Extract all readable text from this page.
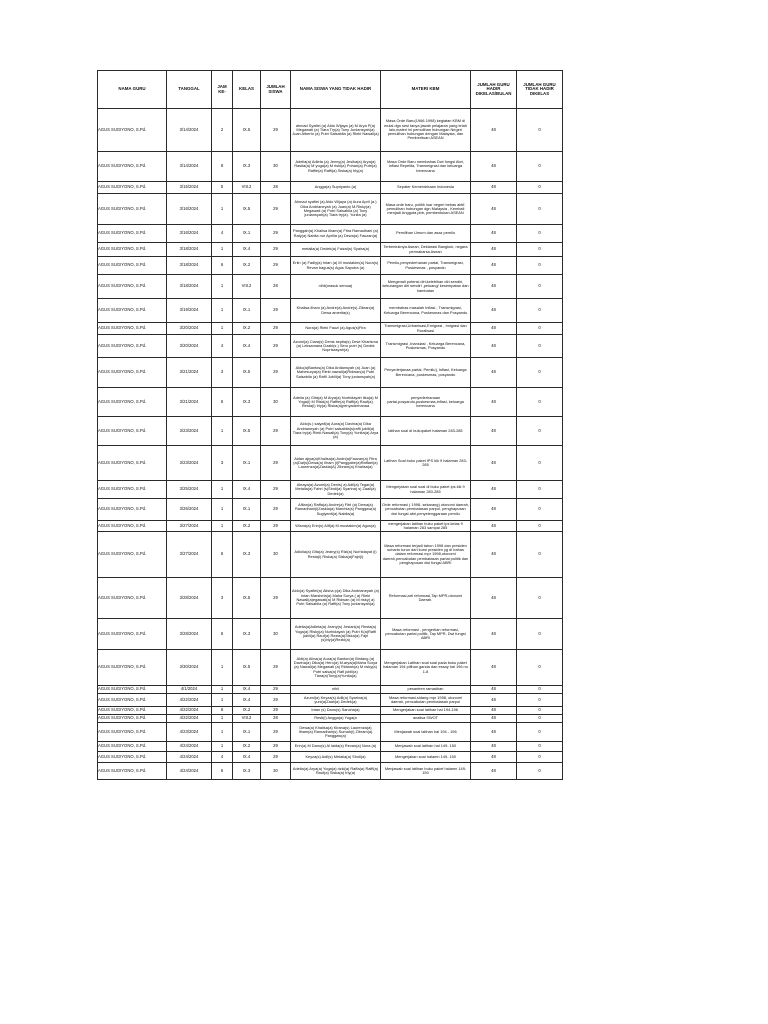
NAMA GURU	TANGGAL	JAM KE-	KELAS	JUMLAH SISWA	NAMA SISWA YANG TIDAK HADIR	MATERI KBM	JUMLAH GURU HADIR DIKELAS/BULAN	JUMLAH GURU TIDAK HADIR DIKELAS
AGUS SUGIYONO, S.Pd.	3/14/2024	2	IX.5	29	ahmad Syafiei (a) Aldo Wijaya (a) M Arya P(a) Megawati (a) Tiara Try(a) Tony Juniansyah(a) Juan Alberto (a) Putri Salsabila (a) Rieki Nawali(a)	Masa Orde Baru(1966-1998) kegiatan KBM di mulai dgn sesi tanya jawab pelajaran yang telah lalu,materi ini pemulihan hubungan Negeri pemulihan hubungan dengan Malaysia, dan Pemberituan ASEAN	48	0
AGUS SUGIYONO, S.Pd.	3/14/2024	6	IX.3	30	Adelia(a) Adleta (a) Jenny(a) Jesika(a) Arya(a) Rasita(a) M yoga(a) M riski(a) Pohan(a) Putri(a) Raffie(a) Raffi(a) Siska(a) Irly(a)	Masa Orde Baru membahas Dwi fungsi Abri, inflasi Repelita, Transmigrasi dan keluarga berencana	48	0
AGUS SUGIYONO, S.Pd.	3/15/2024	5	VIII.2	28	Angga(a) Supriyanto (a)	Sepater Kemerdekaan Indonesia	48	0
AGUS SUGIYONO, S.Pd.	3/16/2024	1	IX.5	29	Ahmad syafiei (a) Aldo Wijaya (a) Aura April (a.) Dika Andrianeyah (a) Juan(a) M.Risky(a) Megawati (a) Putri Salsabila (a) Tony juniansyah(a) Tiara try(a). Yunita (a)	Masa orde baru, politik luar negeri bebas aktif. pemulihan hubungan dgn Malaysia , Kembali menjadi Anggota pbb, pembentukan ASEAN	48	0
AGUS SUGIYONO, S.Pd.	3/16/2024	4	IX.1	29	Panggab(a) Khalisa ilham(a) Fitra Ramadhani (a) Raty(a) Nabila nur Aprilia (a) Dewa(a) Fauzan(a)	Pemilihan Umum dan asaz pemilu	48	0
AGUS SUGIYONO, S.Pd.	3/18/2024	1	IX.4	29	metalia(a) Dedek(a) Faizal(s) Syaira(a)	Terbentuknya Asean, Deklarasi Bangkok, negara pemrakarsa Asean	48	0
AGUS SUGIYONO, S.Pd.	3/18/2024	6	IX.2	29	Eriin (a) Fadly(a) Intan (a) M mustakim(a) Nora(s) Revan bagus(s) Agus Saputra (a)	Pemilu,penyederhanan partai, Transmigrasi, Puskesmas , posyandu	48	0
AGUS SUGIYONO, S.Pd.	3/18/2024	1	VIII.2	28	nihil(masuk semua)	Mengenali potensi diri,kelebihan diri sendiri, kekurangan diri sendiri ,peluang/ kesempatan dan hambatan	48	0
AGUS SUGIYONO, S.Pd.	3/19/2024	1	IX.1	29	Khalisa ilham (a) Andre(a) Andre(s) Zibran(a) Dewa amerita(s)	membahas masalah Inflasi , Transmigrasi, Keluarga Berencana, Puskesmas dan Posyandu	48	0
AGUS SUGIYONO, S.Pd.	3/20/2024	1	IX.2	29	Nora(a) Rieki Fauzi (a) Agus(s)Fira	Transmigrasi,Urbanisasi,Emigrasi , Imigrasi dan Ruralisasi	48	0
AGUS SUGIYONO, S.Pd.	3/20/2024	4	IX.4	29	Azumi(a) Ciara(s) Denis septia(s) Dewi Kharisma (a) Leksamana Dzaki(s.) Seru putri (s) Dedek Noprisasyah(a)	Transmigrasi ,Inansiasi , Keluarga Berencana, Puskesmas, Posyandu	48	0
AGUS SUGIYONO, S.Pd.	3/21/2024	3	IX.5	29	Aldo(a)Bantos(a) Dika Ardiansyah (a) Juan (a) Mahesurya(a) Rieki nawali(a)Ridwan(a) Putri Salsabila (a) Raffi Jubili(a) Tony juniansyah(a)	Penyederjanaa partai, Pemilu], Inflasi, Keluarga Berencana, puskesmas, posyandu	48	0
AGUS SUGIYONO, S.Pd.	3/21/2024	6	IX.3	30	Adelia (a) Gita(a) M Arya(a) Nurhidayah tika(a) M Yoga(i) M Riski(a) Raffie(a) Raffi(a) Rauf(a) Resta(i) Iriy(a) Riska(a)penyaderhanaa	penyederhanaan partai,posyandu,puskesmas,inflasi, keluarga berencana	48	0
AGUS SUGIYONO, S.Pd.	3/23/2024	1	IX.5	29	Aldo(s.) saiyafi(a) Aura(a) Davina(a) Dika Andrianeyah (a) Putri salsabila(s)raffi jubili(a) Tiara try(a) Rieki Nawali(a) Tony(a) Yunita(a) Arya (a)	latihan soal di bukupaket halaman 283-285	48	0
AGUS SUGIYONO, S.Pd.	3/23/2024	3	IX.1	29	Aldan ajiya(a)Khalisa(a) Andri(a)Fauzan(a) Fitra (a)Dai(s)Dewa(a) Ilham (i)Panggabe(a)Raffael(a) Laurenza(a)Zaskia(A) Zibram(a) Khalisa(a)	Latihan Soal buku paket IPS klk 9 halaman 283-285	48	0
AGUS SUGIYONO, S.Pd.	3/25/2024	1	IX.4	29	Aleaya(a) Azumi(a) Denis( a) Adil(a) Tegar(a) Metalia(a) Fahri (s)Sindi(a) Syarina( s) Zaali(a) Dedek(a)	Mengerjakan soal soal di buku paket ips klk 9 halaman 283-285	48	0
AGUS SUGIYONO, S.Pd.	3/26/2024	1	IX.1	29	Alfian(a) Raffa(a) Andre(a) Fitri (a) Dewa(a) Ramadhani(i)Zaskia(a) Marchia(s) Panggaw(a) Sugiyanti(a) Nabila(a)	Orde reformasi ( 1998- sekarang) otonomi daerah, pencabutan pembatasan parpol, penghapusan dwi fungsi abri,penyelenggaraan pemilu	48	0
AGUS SUGIYONO, S.Pd.	3/27/2024	1	IX.2	29	Wisna(a) Erin(s) Alif(a) M.mustakim(a) Agus(a)	mengerjakan latihan buku paket ips kelas 9 halaman 283 sampai 285	48	0
AGUS SUGIYONO, S.Pd.	3/27/2024	6	IX.3	30	Adiolia(a) Gita(a) Jeany(s) Rizi(a) Nurhidayat (i) Resta(i) Riska(a) Siska(a)Fajri(i)	Masa reformasi terjadi tahun 1998 dan presiden suharto turun dari kursi presiden yg di bahas dalam reformasi mpr 1998,otonomi daerah,pencabutan pembatasan partai politik dan penghapusan dwi fungsi ABRI	48	0
AGUS SUGIYONO, S.Pd.	3/28/2024	3	IX.5	29	Aldo(a) Syafiei(a) Alisha p(a) Dika Andrianeyah (a) Intan Marshela(a) Maha Surya ( a) Rieki Nawali(a)egawati(a) M Ridwan (a) M risky( a) Putri Salsabila (a) Raffi(a) Tony juniansyah(a)	Reformasi,arti reformasi,Tap MPR,otonomi Daerah.	48	0
AGUS SUGIYONO, S.Pd.	3/28/2024	6	IX.3	30	Adelia(a)Adleta(a) Jeany(s) Jesiani(a) Resta(a) Yoga(a) Risky(a) Nurhidayah (a) Putri K(a)Raffi jubili(a) Rauf(a) Rezia(a)Siska(a) Fajri (s)Iriy(a)Rezki(a)	Masa reformasi , pengertian reformasi, pencabutan partai politik, Tap MPR, Dwi fungsi ABRI	48	0
AGUS SUGIYONO, S.Pd.	3/30/2024	1	IX.5	29	Aldi(a) Alina(a) Aura(a) Banton(a) Bintang (a) Davina(a) Dika(a) Hero(a) M.arya(a)Maha Surya (a) Nawali(a) Megawati (a) Ridwan(a) M risky(a) Putri salsa(a) Rafi jubili(a) Tiara(a)Tony(a)Yunita(a)	Mengerjakan Latihan soal soal pada buku paket halaman 194 pilihan ganda dan essay hal 196 no 1-8	48	0
AGUS SUGIYONO, S.Pd.	4/1/2024	1	IX.4	29	nihil	pesantren ramadhan	48	0
AGUS SUGIYONO, S.Pd.	4/22/2024	1	IX.4	29	Azumi(a) Keyza(s) Adil(a) Syarina(a) yuni(a)Zaali(a) Dedek(a)	Masa reformasi,sidang mpr 1998, otonomi daerah, pencabutan pembatasan parpol	48	0
AGUS SUGIYONO, S.Pd.	4/22/2024	6	IX.2	29	Intan (s) Danu(s) Sancha(a)	Mengerjakan soal latihan hal 194-196	48	0
AGUS SUGIYONO, S.Pd.	4/22/2024	1	VIII.2	28	Resti(i) Angga(a) Yoga(a	analisa SWOT	48	0
AGUS SUGIYONO, S.Pd.	4/23/2024	1	IX.1	29	Dewa(a) Khalisa(a) Kirana(s) Laurenza(a) Ilham(a) Ramadhan(s) Sumah(i) Zibram(a) Panggaw(a)	Menjawab soal latihan hal 194 - 196	48	0
AGUS SUGIYONO, S.Pd.	4/24/2024	1	IX.2	29	Erin(a) M Danu(s) Al lalda(s) Revan(a) Nora (a)	Menjawab soal latihan hal 149- 150	48	0
AGUS SUGIYONO, S.Pd.	4/24/2024	4	IX.4	29	Keyza(s) Adil(s) Metalia(a) Sindi(a)	Mengerjakan soal halamn 149- 150	48	0
AGUS SUGIYONO, S.Pd.	4/24/2024	6	IX.3	30	Adelia(a) Arya(a) Yoga(a) rizki(a) Raffa(a) Raffi(a) Rauf(a) Siska(a) Iriy(a)	Menjawab soal latihan buku paket halamn 149-150	48	0
